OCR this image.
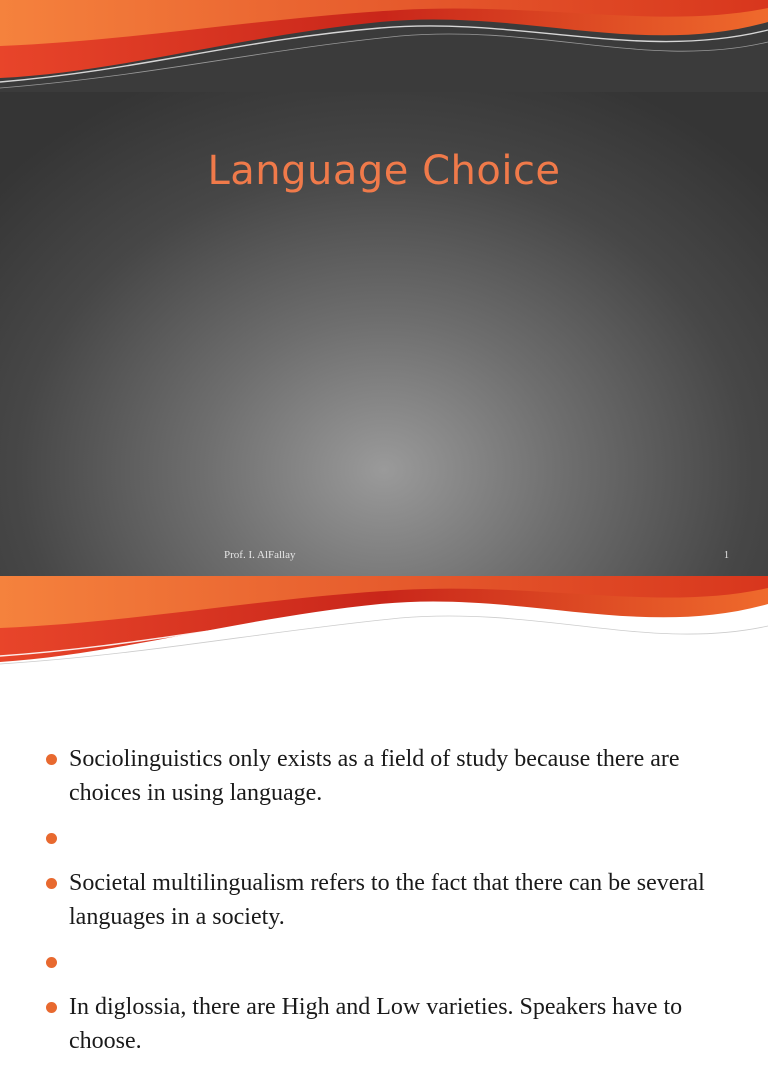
Language Choice
Prof. I. AlFallay	1
Sociolinguistics only exists as a field of study because there are choices in using language.
Societal multilingualism refers to the fact that there can be several languages in a society.
In diglossia, there are High and Low varieties. Speakers have to choose.
